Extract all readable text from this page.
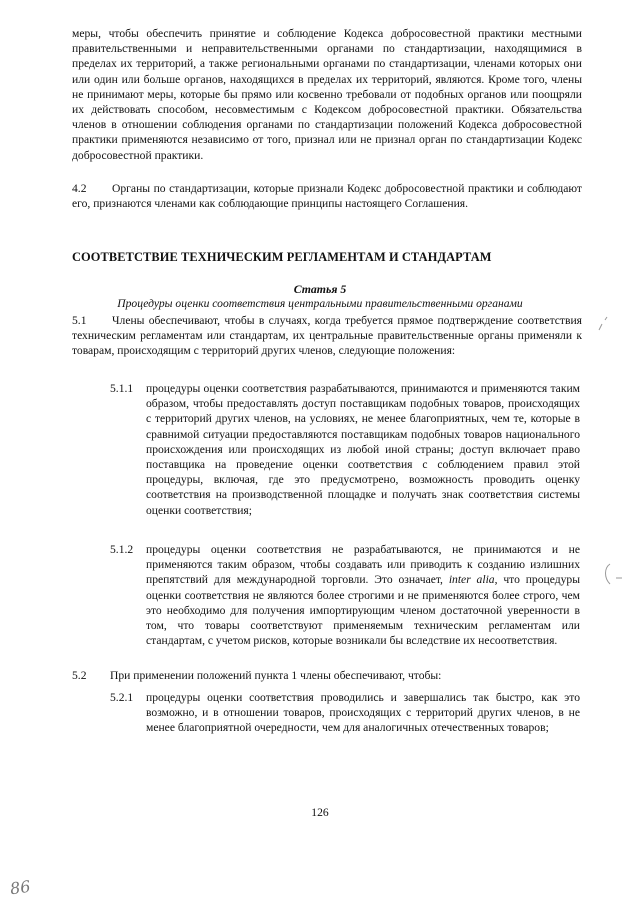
меры, чтобы обеспечить принятие и соблюдение Кодекса добросовестной практики местными правительственными и неправительственными органами по стандартизации, находящимися в пределах их территорий, а также региональными органами по стандартизации, членами которых они или один или больше органов, находящихся в пределах их территорий, являются. Кроме того, члены не принимают меры, которые бы прямо или косвенно требовали от подобных органов или поощряли их действовать способом, несовместимым с Кодексом добросовестной практики. Обязательства членов в отношении соблюдения органами по стандартизации положений Кодекса добросовестной практики применяются независимо от того, признал или не признал орган по стандартизации Кодекс добросовестной практики.
4.2	Органы по стандартизации, которые признали Кодекс добросовестной практики и соблюдают его, признаются членами как соблюдающие принципы настоящего Соглашения.
СООТВЕТСТВИЕ ТЕХНИЧЕСКИМ РЕГЛАМЕНТАМ И СТАНДАРТАМ
Статья 5
Процедуры оценки соответствия центральными правительственными органами
5.1	Члены обеспечивают, чтобы в случаях, когда требуется прямое подтверждение соответствия техническим регламентам или стандартам, их центральные правительственные органы применяли к товарам, происходящим с территорий других членов, следующие положения:
5.1.1 процедуры оценки соответствия разрабатываются, принимаются и применяются таким образом, чтобы предоставлять доступ поставщикам подобных товаров, происходящих с территорий других членов, на условиях, не менее благоприятных, чем те, которые в сравнимой ситуации предоставляются поставщикам подобных товаров национального происхождения или происходящих из любой иной страны; доступ включает право поставщика на проведение оценки соответствия с соблюдением правил этой процедуры, включая, где это предусмотрено, возможность проводить оценку соответствия на производственной площадке и получать знак соответствия системы оценки соответствия;
5.1.2 процедуры оценки соответствия не разрабатываются, не принимаются и не применяются таким образом, чтобы создавать или приводить к созданию излишних препятствий для международной торговли. Это означает, inter alia, что процедуры оценки соответствия не являются более строгими и не применяются более строго, чем это необходимо для получения импортирующим членом достаточной уверенности в том, что товары соответствуют применяемым техническим регламентам или стандартам, с учетом рисков, которые возникали бы вследствие их несоответствия.
5.2 При применении положений пункта 1 члены обеспечивают, чтобы:
5.2.1 процедуры оценки соответствия проводились и завершались так быстро, как это возможно, и в отношении товаров, происходящих с территорий других членов, в не менее благоприятной очередности, чем для аналогичных отечественных товаров;
126
86
